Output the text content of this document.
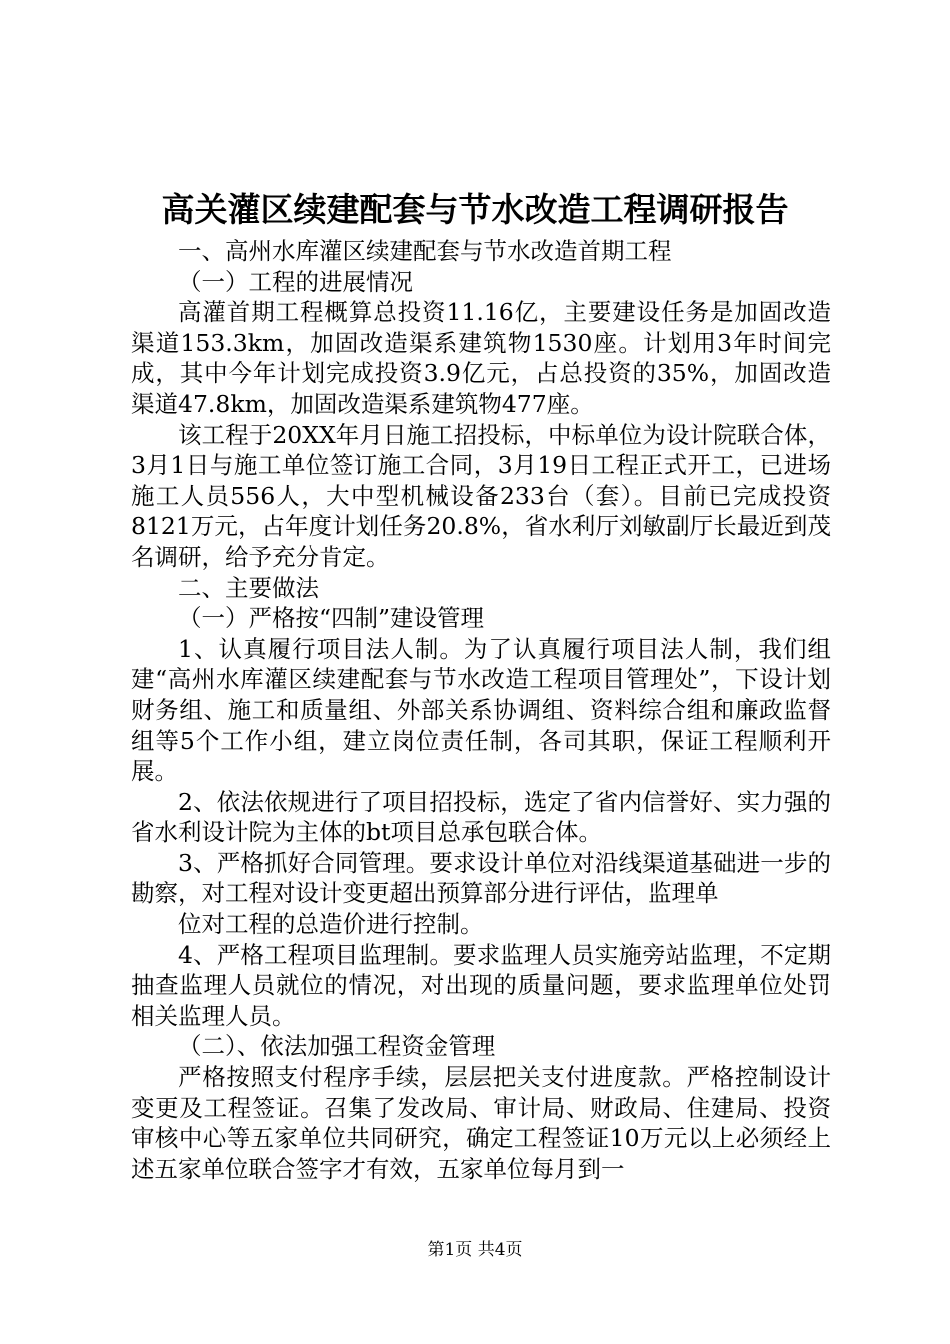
高关灌区续建配套与节水改造工程调研报告

一、高州水库灌区续建配套与节水改造首期工程

（一）工程的进展情况

高灌首期工程概算总投资11.16亿，主要建设任务是加固改造渠道153.3km，加固改造渠系建筑物1530座。计划用3年时间完成，其中今年计划完成投资3.9亿元，占总投资的35%，加固改造渠道47.8km，加固改造渠系建筑物477座。

该工程于20XX年月日施工招投标，中标单位为设计院联合体，3月1日与施工单位签订施工合同，3月19日工程正式开工，已进场施工人员556人，大中型机械设备233台（套）。目前已完成投资8121万元，占年度计划任务20.8%，省水利厅刘敏副厅长最近到茂名调研，给予充分肯定。

二、主要做法

（一）严格按“四制”建设管理

1、认真履行项目法人制。为了认真履行项目法人制，我们组建“高州水库灌区续建配套与节水改造工程项目管理处”，下设计划财务组、施工和质量组、外部关系协调组、资料综合组和廉政监督组等5个工作小组，建立岗位责任制，各司其职，保证工程顺利开展。

2、依法依规进行了项目招投标，选定了省内信誉好、实力强的省水利设计院为主体的bt项目总承包联合体。

3、严格抓好合同管理。要求设计单位对沿线渠道基础进一步的勘察，对工程对设计变更超出预算部分进行评估，监理单

位对工程的总造价进行控制。

4、严格工程项目监理制。要求监理人员实施旁站监理，不定期抽查监理人员就位的情况，对出现的质量问题，要求监理单位处罚相关监理人员。

（二）、依法加强工程资金管理

严格按照支付程序手续，层层把关支付进度款。严格控制设计变更及工程签证。召集了发改局、审计局、财政局、住建局、投资审核中心等五家单位共同研究，确定工程签证10万元以上必须经上述五家单位联合签字才有效，五家单位每月到一

第1页 共4页
